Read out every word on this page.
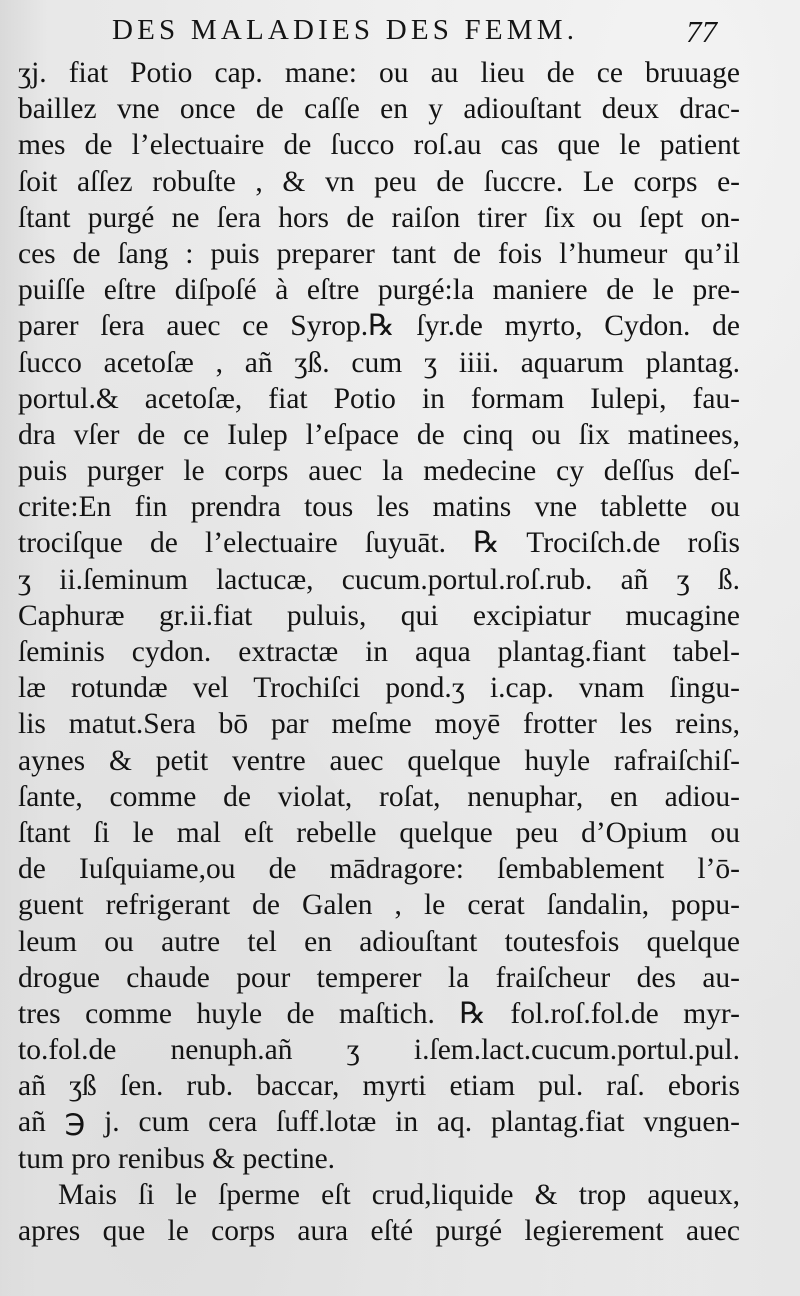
DES MALADIES DES FEMM.	77
ʒj. fiat Potio cap. mane: ou au lieu de ce bruuage
baillez vne once de caſſe en y adiouſtant deux drac-
mes de l’electuaire de ſucco roſ.au cas que le patient
ſoit aſſez robuſte , & vn peu de ſuccre. Le corps e-
ſtant purgé ne ſera hors de raiſon tirer ſix ou ſept on-
ces de ſang : puis preparer tant de fois l’humeur qu’il
puiſſe eſtre diſpoſé à eſtre purgé:la maniere de le pre-
parer ſera auec ce Syrop.℞ ſyr.de myrto, Cydon. de
ſucco acetoſæ , añ ʒß. cum ʒ iiii. aquarum plantag.
portul.& acetoſæ, fiat Potio in formam Iulepi, fau-
dra vſer de ce Iulep l’eſpace de cinq ou ſix matinees,
puis purger le corps auec la medecine cy deſſus deſ-
crite:En fin prendra tous les matins vne tablette ou
trociſque de l’electuaire ſuyuāt. ℞ Trociſch.de roſis
ʒ ii.ſeminum lactucæ, cucum.portul.roſ.rub. añ ʒ ß.
Caphuræ gr.ii.fiat puluis, qui excipiatur mucagine
ſeminis cydon. extractæ in aqua plantag.fiant tabel-
læ rotundæ vel Trochiſci pond.ʒ i.cap. vnam ſingu-
lis matut.Sera bō par meſme moyē frotter les reins,
aynes & petit ventre auec quelque huyle rafraiſchiſ-
ſante, comme de violat, roſat, nenuphar, en adiou-
ſtant ſi le mal eſt rebelle quelque peu d’Opium ou
de Iuſquiame,ou de mādragore: ſembablement l’ō-
guent refrigerant de Galen , le cerat ſandalin, popu-
leum ou autre tel en adiouſtant toutesfois quelque
drogue chaude pour temperer la fraiſcheur des au-
tres comme huyle de maſtich. ℞ fol.roſ.fol.de myr-
to.fol.de nenuph.añ ʒ i.ſem.lact.cucum.portul.pul.
añ ʒß ſen. rub. baccar, myrti etiam pul. raſ. eboris
añ ℈ j. cum cera ſuff.lotæ in aq. plantag.fiat vnguen-
tum pro renibus & pectine.
Mais ſi le ſperme eſt crud,liquide & trop aqueux,
apres que le corps aura eſté purgé legierement auec
